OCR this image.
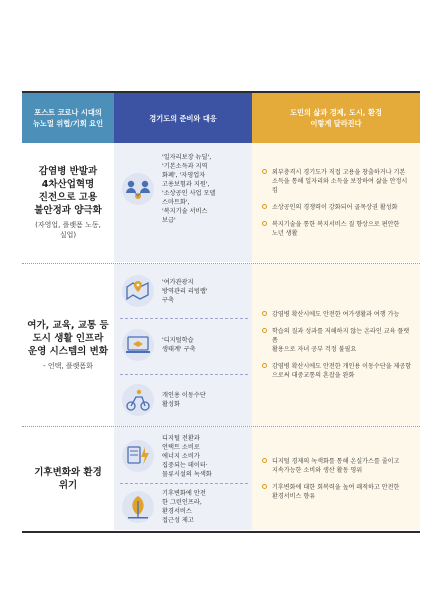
포스트 코로나 시대의
뉴노멀 위협/기회 요인
경기도의 준비와 대응
도민의 삶과 경제, 도시, 환경
이렇게 달라진다
감염병 반발과
4차산업혁명
진전으로 고용
불안정과 양극화
(자영업, 플랫폼 노동,
실업)
'일자리보장 뉴딜',
'기본소득과 지역
화폐', '자영업자
고용보험과 지원',
'소상공인 사업 모델
스마트화',
'복지기술 서비스
보급'
외부충격시 경기도가 직접 고용을 창출하거나 기본
소득을 통해 일자리와 소득을 보장하여 삶을 안정시킴
소상공인의 경쟁력이 강화되어 골목상권 활성화
복지기술을 통한 복지서비스 질 향상으로 편안한
노년 생활
여가, 교육, 교통 등
도시 생활 인프라
운영 시스템의 변화
- 언택, 플랫폼화
'여가관광지
방역관리 리빙랩'
구축
'디지털학습
생태계' 구축
개인용 이동수단
활성화
감염병 확산시에도 안전한 여가생활과 여행 가능
학습의 질과 성과를 저해하지 않는 온라인 교육 플랫폼
활용으로 자녀 공부 걱정 불필요
감염병 확산시에도 안전한 개인용 이동수단을 제공함
으로써 대중교통의 혼잡을 완화
기후변화와 환경
위기
디지털 전환과
언택트 소비로
에너지 소비가
집중되는 데이터·
물류시설의 녹색화
기후변화에 안전
한 그린인프라,
환경서비스
접근성 제고
디지털 경제의 녹색화를 통해 온실가스를 줄이고
지속가능한 소비와 생산 활동 영위
기후변화에 대한 회복력을 높여 쾌적하고 안전한
환경서비스 향유
